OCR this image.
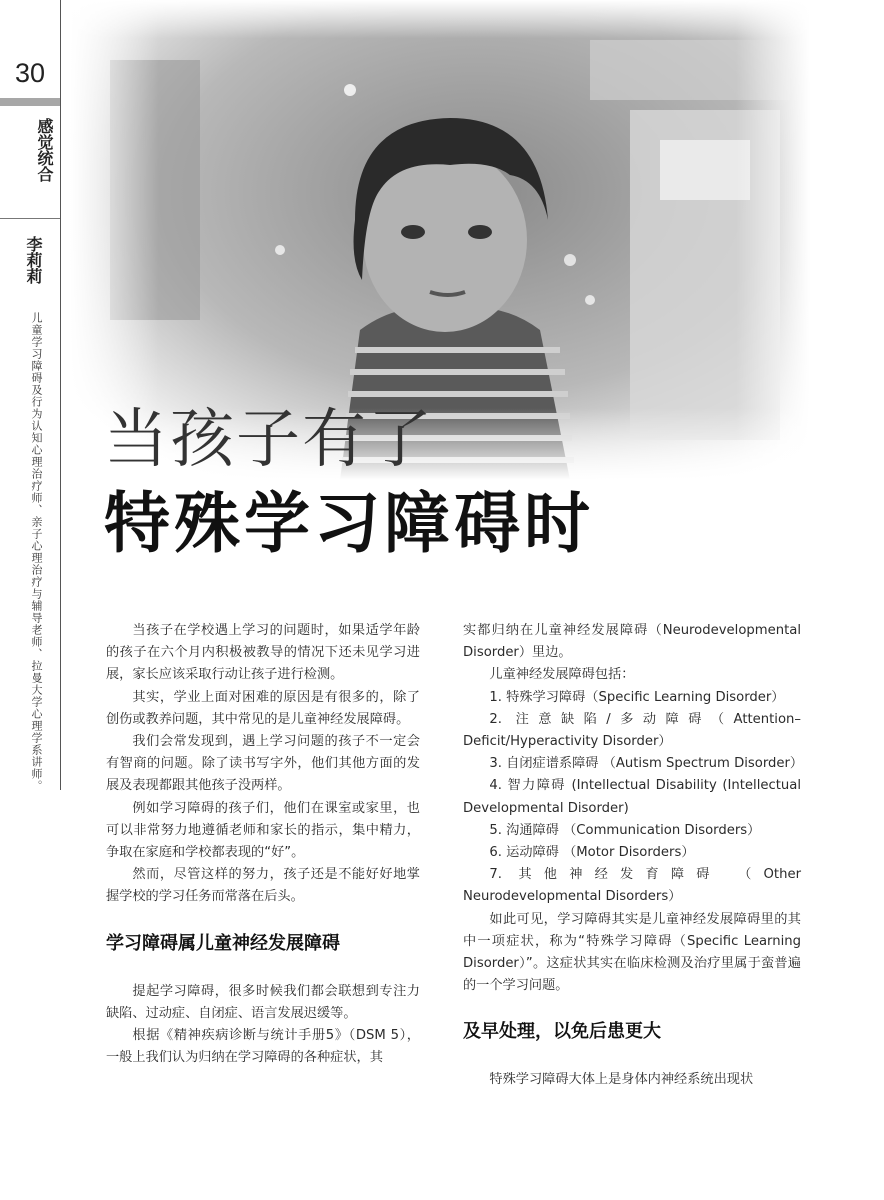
30
感觉统合
李莉莉
儿童学习障碍及行为认知心理治疗师、亲子心理治疗与辅导老师、拉曼大学心理学系讲师。 当孩子有了
特殊学习障碍时

当孩子在学校遇上学习的问题时，如果适学年龄的孩子在六个月内积极被教导的情况下还未见学习进展，家长应该采取行动让孩子进行检测。

其实，学业上面对困难的原因是有很多的，除了创伤或教养问题，其中常见的是儿童神经发展障碍。

我们会常发现到，遇上学习问题的孩子不一定会有智商的问题。除了读书写字外，他们其他方面的发展及表现都跟其他孩子没两样。

例如学习障碍的孩子们，他们在课室或家里，也可以非常努力地遵循老师和家长的指示，集中精力，争取在家庭和学校都表现的“好”。

然而，尽管这样的努力，孩子还是不能好好地掌握学校的学习任务而常落在后头。

学习障碍属儿童神经发展障碍

提起学习障碍，很多时候我们都会联想到专注力缺陷、过动症、自闭症、语言发展迟缓等。

根据《精神疾病诊断与统计手册5》（DSM 5），一般上我们认为归纳在学习障碍的各种症状，其

实都归纳在儿童神经发展障碍（Neurodevelopmental Disorder）里边。

儿童神经发展障碍包括：

1. 特殊学习障碍（Specific Learning Disorder）

2. 注意缺陷/多动障碍（Attention–Deficit/Hyperactivity Disorder）

3. 自闭症谱系障碍 （Autism Spectrum Disorder）

4. 智力障碍 (Intellectual Disability (Intellectual Developmental Disorder)

5. 沟通障碍 （Communication Disorders）

6. 运动障碍 （Motor Disorders）

7. 其他神经发育障碍 （Other Neurodevelopmental Disorders）

如此可见，学习障碍其实是儿童神经发展障碍里的其中一项症状，称为“特殊学习障碍（Specific Learning Disorder）”。这症状其实在临床检测及治疗里属于蛮普遍的一个学习问题。

及早处理，以免后患更大

特殊学习障碍大体上是身体内神经系统出现状
